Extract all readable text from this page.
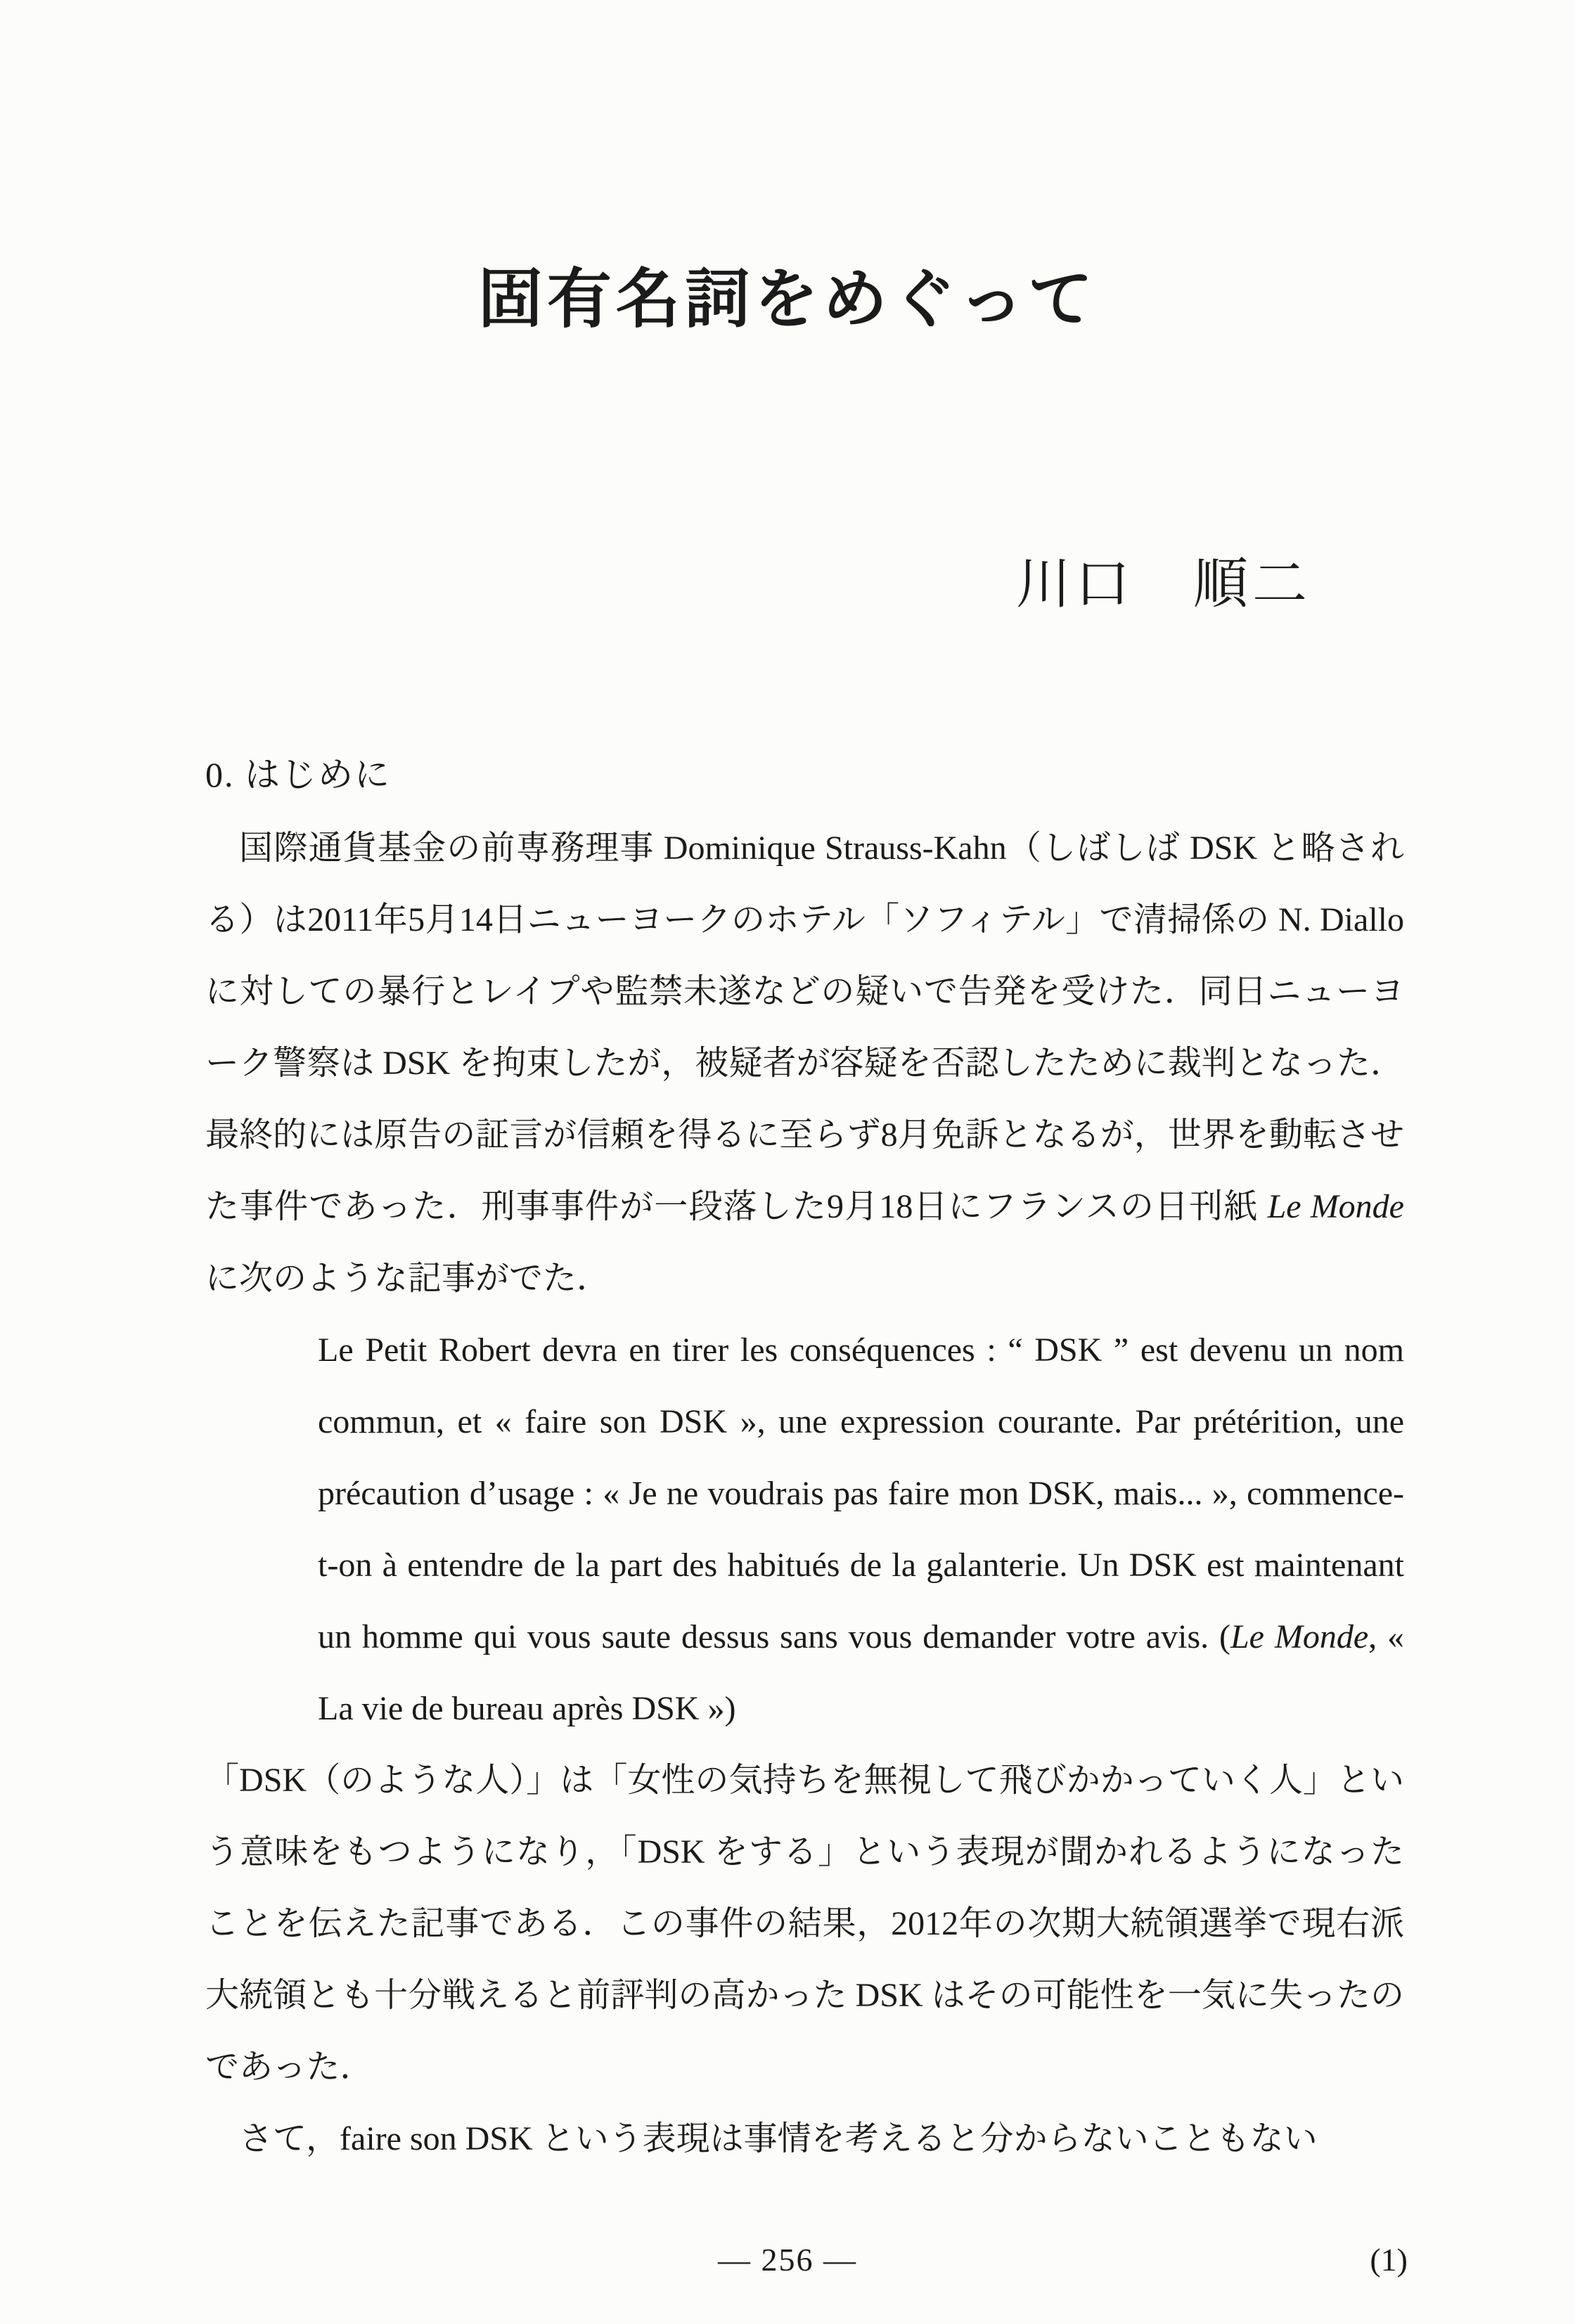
固有名詞をめぐって
川口　順二
0. はじめに

国際通貨基金の前専務理事 Dominique Strauss-Kahn（しばしば DSK と略される）は2011年5月14日ニューヨークのホテル「ソフィテル」で清掃係の N. Diallo に対しての暴行とレイプや監禁未遂などの疑いで告発を受けた．同日ニューヨーク警察は DSK を拘束したが，被疑者が容疑を否認したために裁判となった．最終的には原告の証言が信頼を得るに至らず8月免訴となるが，世界を動転させた事件であった．刑事事件が一段落した9月18日にフランスの日刊紙 Le Monde に次のような記事がでた．

Le Petit Robert devra en tirer les conséquences : “ DSK ” est devenu un nom commun, et « faire son DSK », une expression courante. Par prétérition, une précaution d’usage : « Je ne voudrais pas faire mon DSK, mais... », commence-t-on à entendre de la part des habitués de la galanterie. Un DSK est maintenant un homme qui vous saute dessus sans vous demander votre avis. (Le Monde, « La vie de bureau après DSK »)

「DSK（のような人）」は「女性の気持ちを無視して飛びかかっていく人」という意味をもつようになり，「DSK をする」という表現が聞かれるようになったことを伝えた記事である．この事件の結果，2012年の次期大統領選挙で現右派大統領とも十分戦えると前評判の高かった DSK はその可能性を一気に失ったのであった．

さて，faire son DSK という表現は事情を考えると分からないこともない

— 256 —	(1)
